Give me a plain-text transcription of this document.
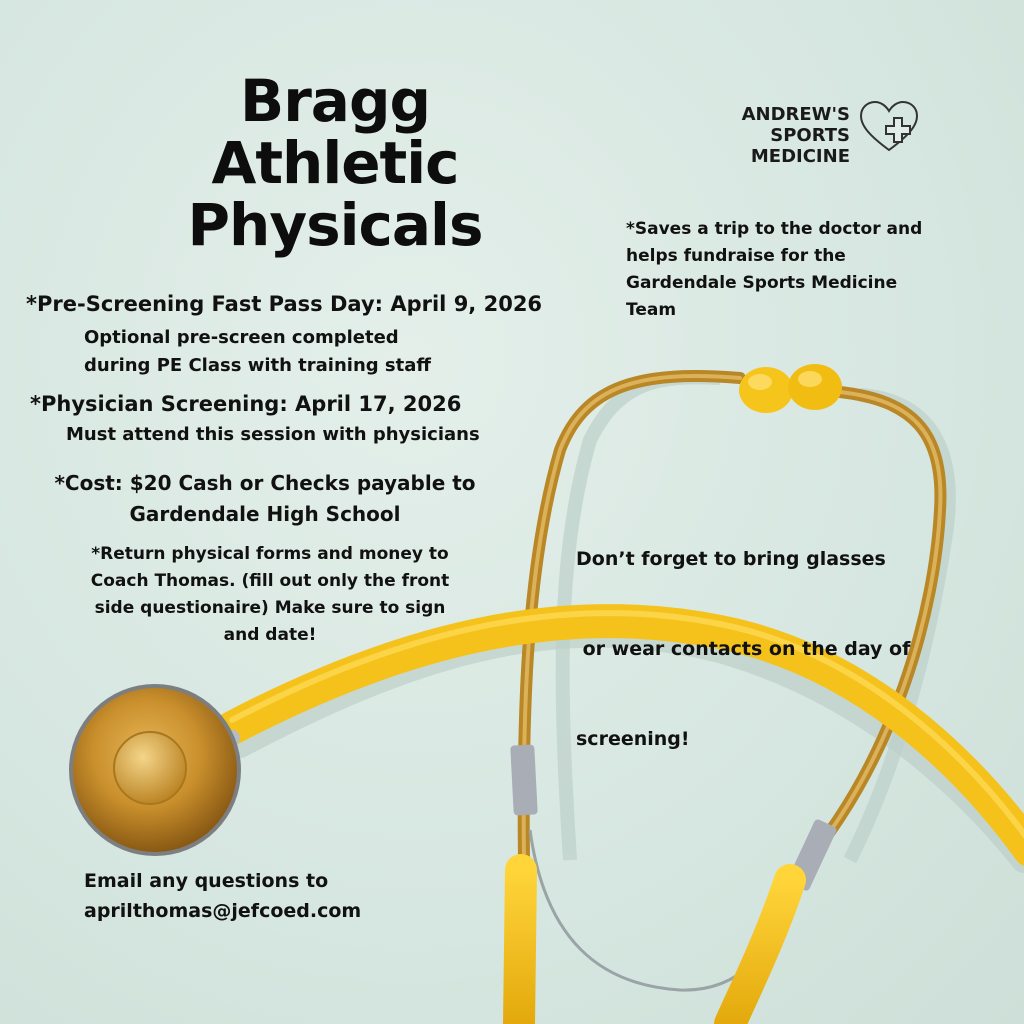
Bragg
Athletic
Physicals
ANDREW'S
SPORTS
MEDICINE
*Saves a trip to the doctor and
helps fundraise for the
Gardendale Sports Medicine
Team
*Pre-Screening Fast Pass Day: April 9, 2026
Optional pre-screen completed
during PE Class with training staff
*Physician Screening: April 17, 2026
Must attend this session with physicians
*Cost: $20 Cash or Checks payable to
Gardendale High School
*Return physical forms and money to
Coach Thomas. (fill out only the front
side questionaire) Make sure to sign
and date!

Don’t forget to bring glasses

or wear contacts on the day of

screening!

Email any questions to
aprilthomas@jefcoed.com
